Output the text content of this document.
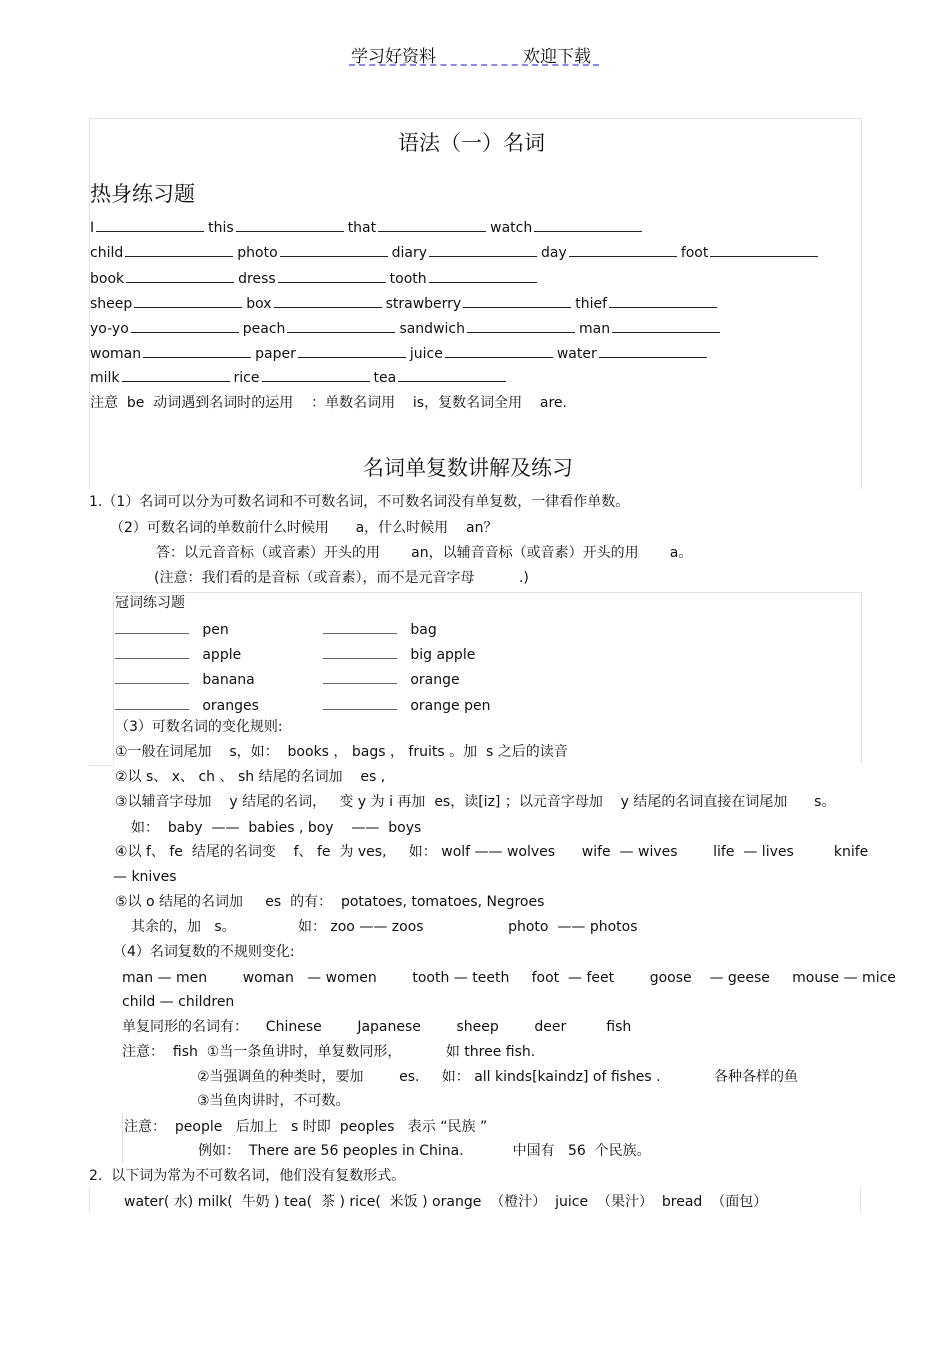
学习好资料	欢迎下载
语法（一）名词
热身练习题
I	this	that	watch
child	photo	diary	day	foot
book	dress	tooth
sheep	box	strawberry	thief
yo-yo	peach	sandwich	man
woman	paper	juice	water
milk	rice	tea
注意  be  动词遇到名词时的运用    ：单数名词用    is，复数名词全用    are.
名词单复数讲解及练习
1.（1）名词可以分为可数名词和不可数名词，不可数名词没有单复数，一律看作单数。
（2）可数名词的单数前什么时候用      a，什么时候用    an？
答：以元音音标（或音素）开头的用       an，以辅音音标（或音素）开头的用       a。
(注意：我们看的是音标（或音素），而不是元音字母          .)
冠词练习题
pen	bag
apple	big apple
banana	orange
oranges	orange pen
（3）可数名词的变化规则:
①一般在词尾加    s，如：  books ， bags ， fruits 。加  s 之后的读音
②以 s、 x、 ch 、 sh 结尾的名词加    es ,
③以辅音字母加    y 结尾的名词，   变 y 为 i 再加  es，读[iz] ；以元音字母加    y 结尾的名词直接在词尾加      s。
如：  baby  ——  babies , boy    ——  boys
④以 f、 fe  结尾的名词变    f、 fe  为 ves,     如： wolf —— wolves      wife  — wives        life  — lives         knife
— knives
⑤以 o 结尾的名词加     es  的有：  potatoes, tomatoes, Negroes
其余的，加   s。              如： zoo —— zoos                   photo  —— photos
（4）名词复数的不规则变化:
man — men        woman   — women        tooth — teeth     foot  — feet        goose    — geese     mouse — mice
child — children
单复同形的名词有：    Chinese        Japanese        sheep        deer         fish
注意：  fish  ①当一条鱼讲时，单复数同形，          如 three fish.
②当强调鱼的种类时，要加        es.     如： all kinds[kaindz] of fishes .            各种各样的鱼
③当鱼肉讲时，不可数。
注意：  people   后加上   s 时即  peoples   表示 “民族 ”
例如：  There are 56 peoples in China.           中国有   56  个民族。
2.  以下词为常为不可数名词，他们没有复数形式。
water( 水) milk(  牛奶 ) tea(  茶 ) rice(  米饭 ) orange  （橙汁）  juice  （果汁）  bread  （面包）
